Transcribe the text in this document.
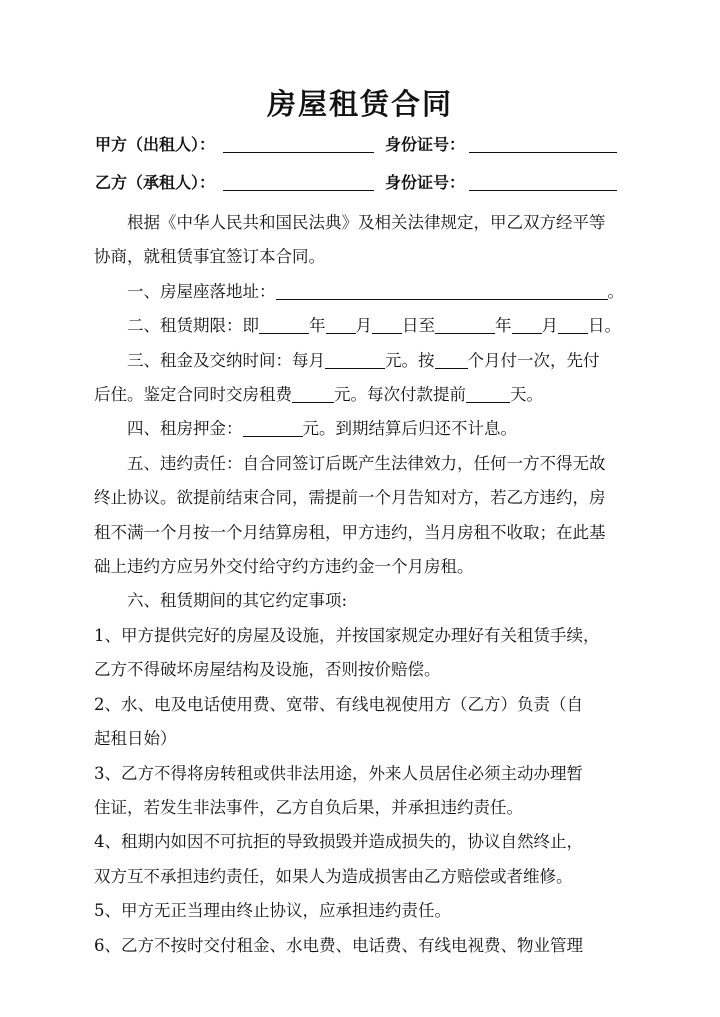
房屋租赁合同
甲方（出租人）：	身份证号：
乙方（承租人）：	身份证号：

根据《中华人民共和国民法典》及相关法律规定，甲乙双方经平等

协商，就租赁事宜签订本合同。

一、房屋座落地址：	。

二、租赁期限：即	年 月 日至	年 月 日。

三、租金及交纳时间：每月	元。按 个月付一次，先付

后住。鉴定合同时交房租费	元。每次付款提前	天。

四、租房押金：	元。到期结算后归还不计息。

五、违约责任：自合同签订后既产生法律效力，任何一方不得无故

终止协议。欲提前结束合同，需提前一个月告知对方，若乙方违约，房

租不满一个月按一个月结算房租，甲方违约，当月房租不收取；在此基

础上违约方应另外交付给守约方违约金一个月房租。

六、租赁期间的其它约定事项:

1、甲方提供完好的房屋及设施，并按国家规定办理好有关租赁手续，

乙方不得破坏房屋结构及设施，否则按价赔偿。

2、水、电及电话使用费、宽带、有线电视使用方（乙方）负责（自

起租日始）

3、乙方不得将房转租或供非法用途，外来人员居住必须主动办理暂

住证，若发生非法事件，乙方自负后果，并承担违约责任。

4、租期内如因不可抗拒的导致损毁并造成损失的，协议自然终止，

双方互不承担违约责任，如果人为造成损害由乙方赔偿或者维修。

5、甲方无正当理由终止协议，应承担违约责任。

6、乙方不按时交付租金、水电费、电话费、有线电视费、物业管理
